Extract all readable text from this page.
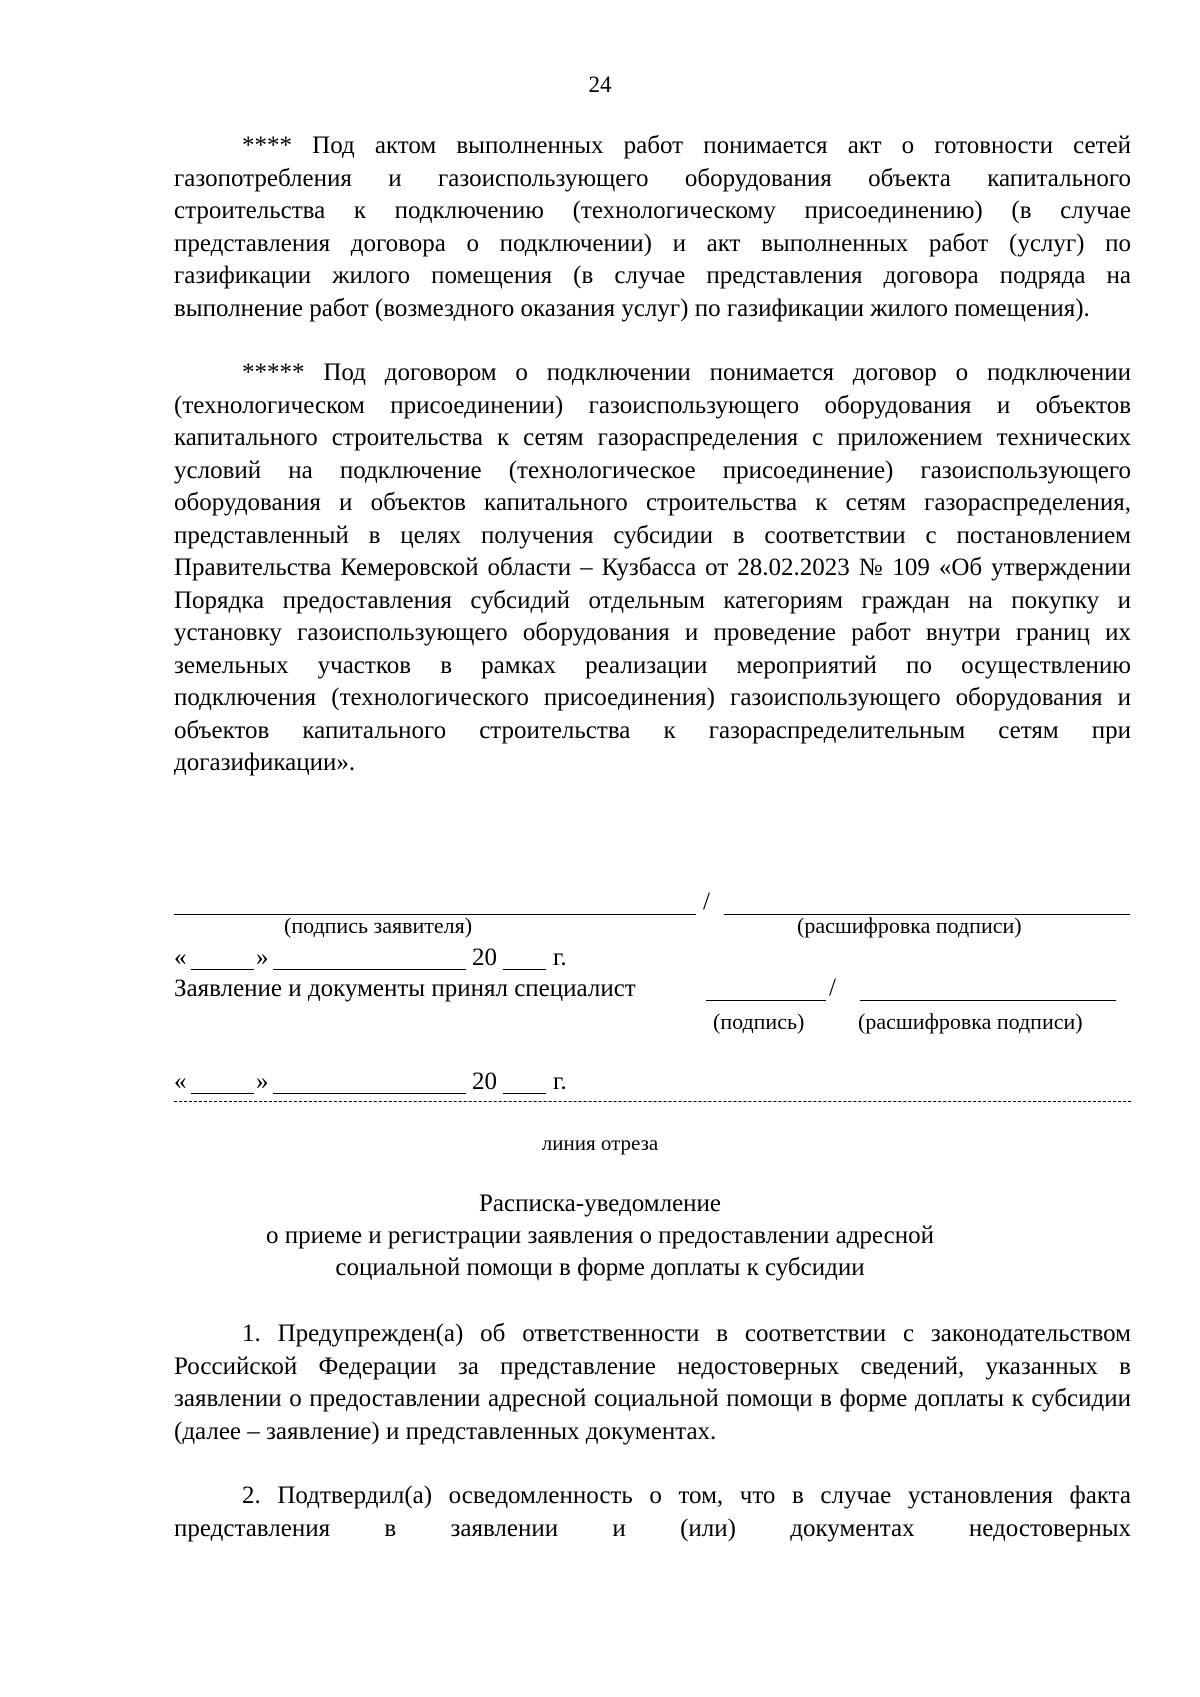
24

**** Под актом выполненных работ понимается акт о готовности сетей газопотребления и газоиспользующего оборудования объекта капитального строительства к подключению (технологическому присоединению) (в случае представления договора о подключении) и акт выполненных работ (услуг) по газификации жилого помещения (в случае представления договора подряда на выполнение работ (возмездного оказания услуг) по газификации жилого помещения).

***** Под договором о подключении понимается договор о подключении (технологическом присоединении) газоиспользующего оборудования и объектов капитального строительства к сетям газораспределения с приложением технических условий на подключение (технологическое присоединение) газоиспользующего оборудования и объектов капитального строительства к сетям газораспределения, представленный в целях получения субсидии в соответствии с постановлением Правительства Кемеровской области – Кузбасса от 28.02.2023 № 109 «Об утверждении Порядка предоставления субсидий отдельным категориям граждан на покупку и установку газоиспользующего оборудования и проведение работ внутри границ их земельных участков в рамках реализации мероприятий по осуществлению подключения (технологического присоединения) газоиспользующего оборудования и объектов капитального строительства к газораспределительным сетям при догазификации».

/
(подпись заявителя)	(расшифровка подписи)
«	»	20 г.
Заявление и документы принял специалист	/
(подпись) (расшифровка подписи)
«	»	20 г.
линия отреза
Расписка-уведомление
о приеме и регистрации заявления о предоставлении адресной
социальной помощи в форме доплаты к субсидии

1. Предупрежден(а) об ответственности в соответствии с законодательством Российской Федерации за представление недостоверных сведений, указанных в заявлении о предоставлении адресной социальной помощи в форме доплаты к субсидии (далее – заявление) и представленных документах.

2. Подтвердил(а) осведомленность о том, что в случае установления факта представления в заявлении и (или) документах недостоверных
